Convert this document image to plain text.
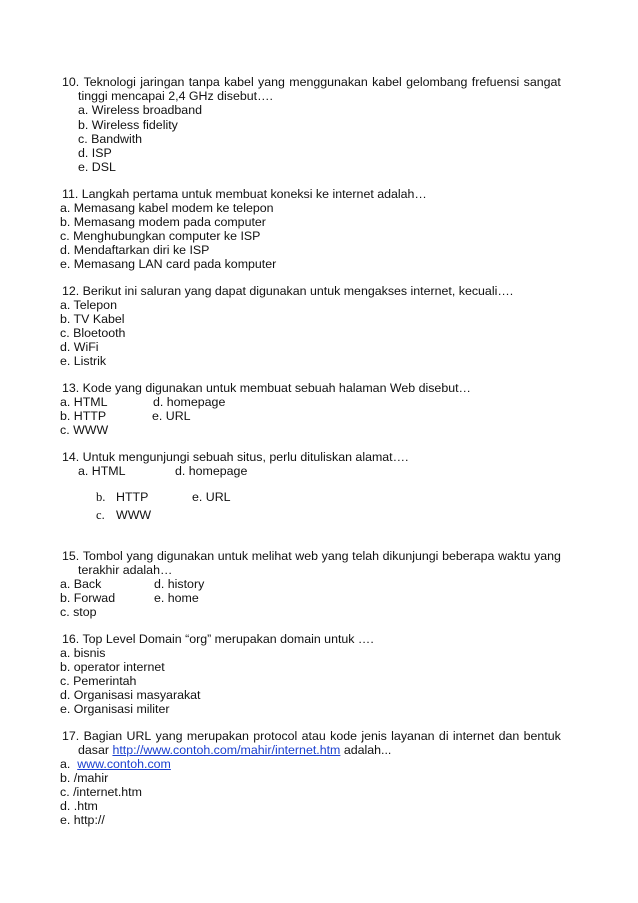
10. Teknologi jaringan tanpa kabel yang menggunakan kabel gelombang frefuensi sangat
tinggi mencapai 2,4 GHz disebut….
a. Wireless broadband
b. Wireless fidelity
c. Bandwith
d. ISP
e. DSL
11. Langkah pertama untuk membuat koneksi ke internet adalah…
a. Memasang kabel modem ke telepon
b. Memasang modem pada computer
c. Menghubungkan computer ke ISP
d. Mendaftarkan diri ke ISP
e. Memasang LAN card pada komputer
12. Berikut ini saluran yang dapat digunakan untuk mengakses internet, kecuali….
a. Telepon
b. TV Kabel
c. Bloetooth
d. WiFi
e. Listrik
13. Kode yang digunakan untuk membuat sebuah halaman Web disebut…
a. HTML	d. homepage
b. HTTP	e. URL
c. WWW
14. Untuk mengunjungi sebuah situs, perlu dituliskan alamat….
a. HTML	d. homepage
b. HTTP	e. URL
c. WWW
15. Tombol yang digunakan untuk melihat web yang telah dikunjungi beberapa waktu yang
terakhir adalah…
a. Back	d. history
b. Forwad	e. home
c. stop
16. Top Level Domain “org” merupakan domain untuk ….
a. bisnis
b. operator internet
c. Pemerintah
d. Organisasi masyarakat
e. Organisasi militer
17. Bagian URL yang merupakan protocol atau kode jenis layanan di internet dan bentuk
dasar http://www.contoh.com/mahir/internet.htm adalah...
a.  www.contoh.com
b. /mahir
c. /internet.htm
d. .htm
e. http://
